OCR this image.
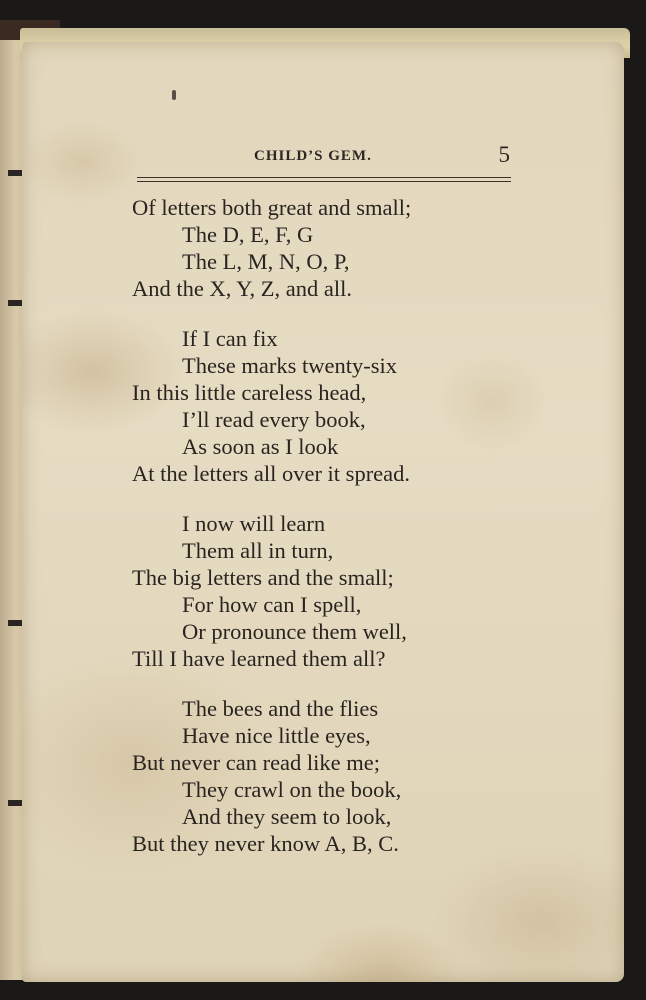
CHILD’S GEM.	5
Of letters both great and small;
The D, E, F, G
The L, M, N, O, P,
And the X, Y, Z, and all.
If I can fix
These marks twenty-six
In this little careless head,
I’ll read every book,
As soon as I look
At the letters all over it spread.
I now will learn
Them all in turn,
The big letters and the small;
For how can I spell,
Or pronounce them well,
Till I have learned them all?
The bees and the flies
Have nice little eyes,
But never can read like me;
They crawl on the book,
And they seem to look,
But they never know A, B, C.
